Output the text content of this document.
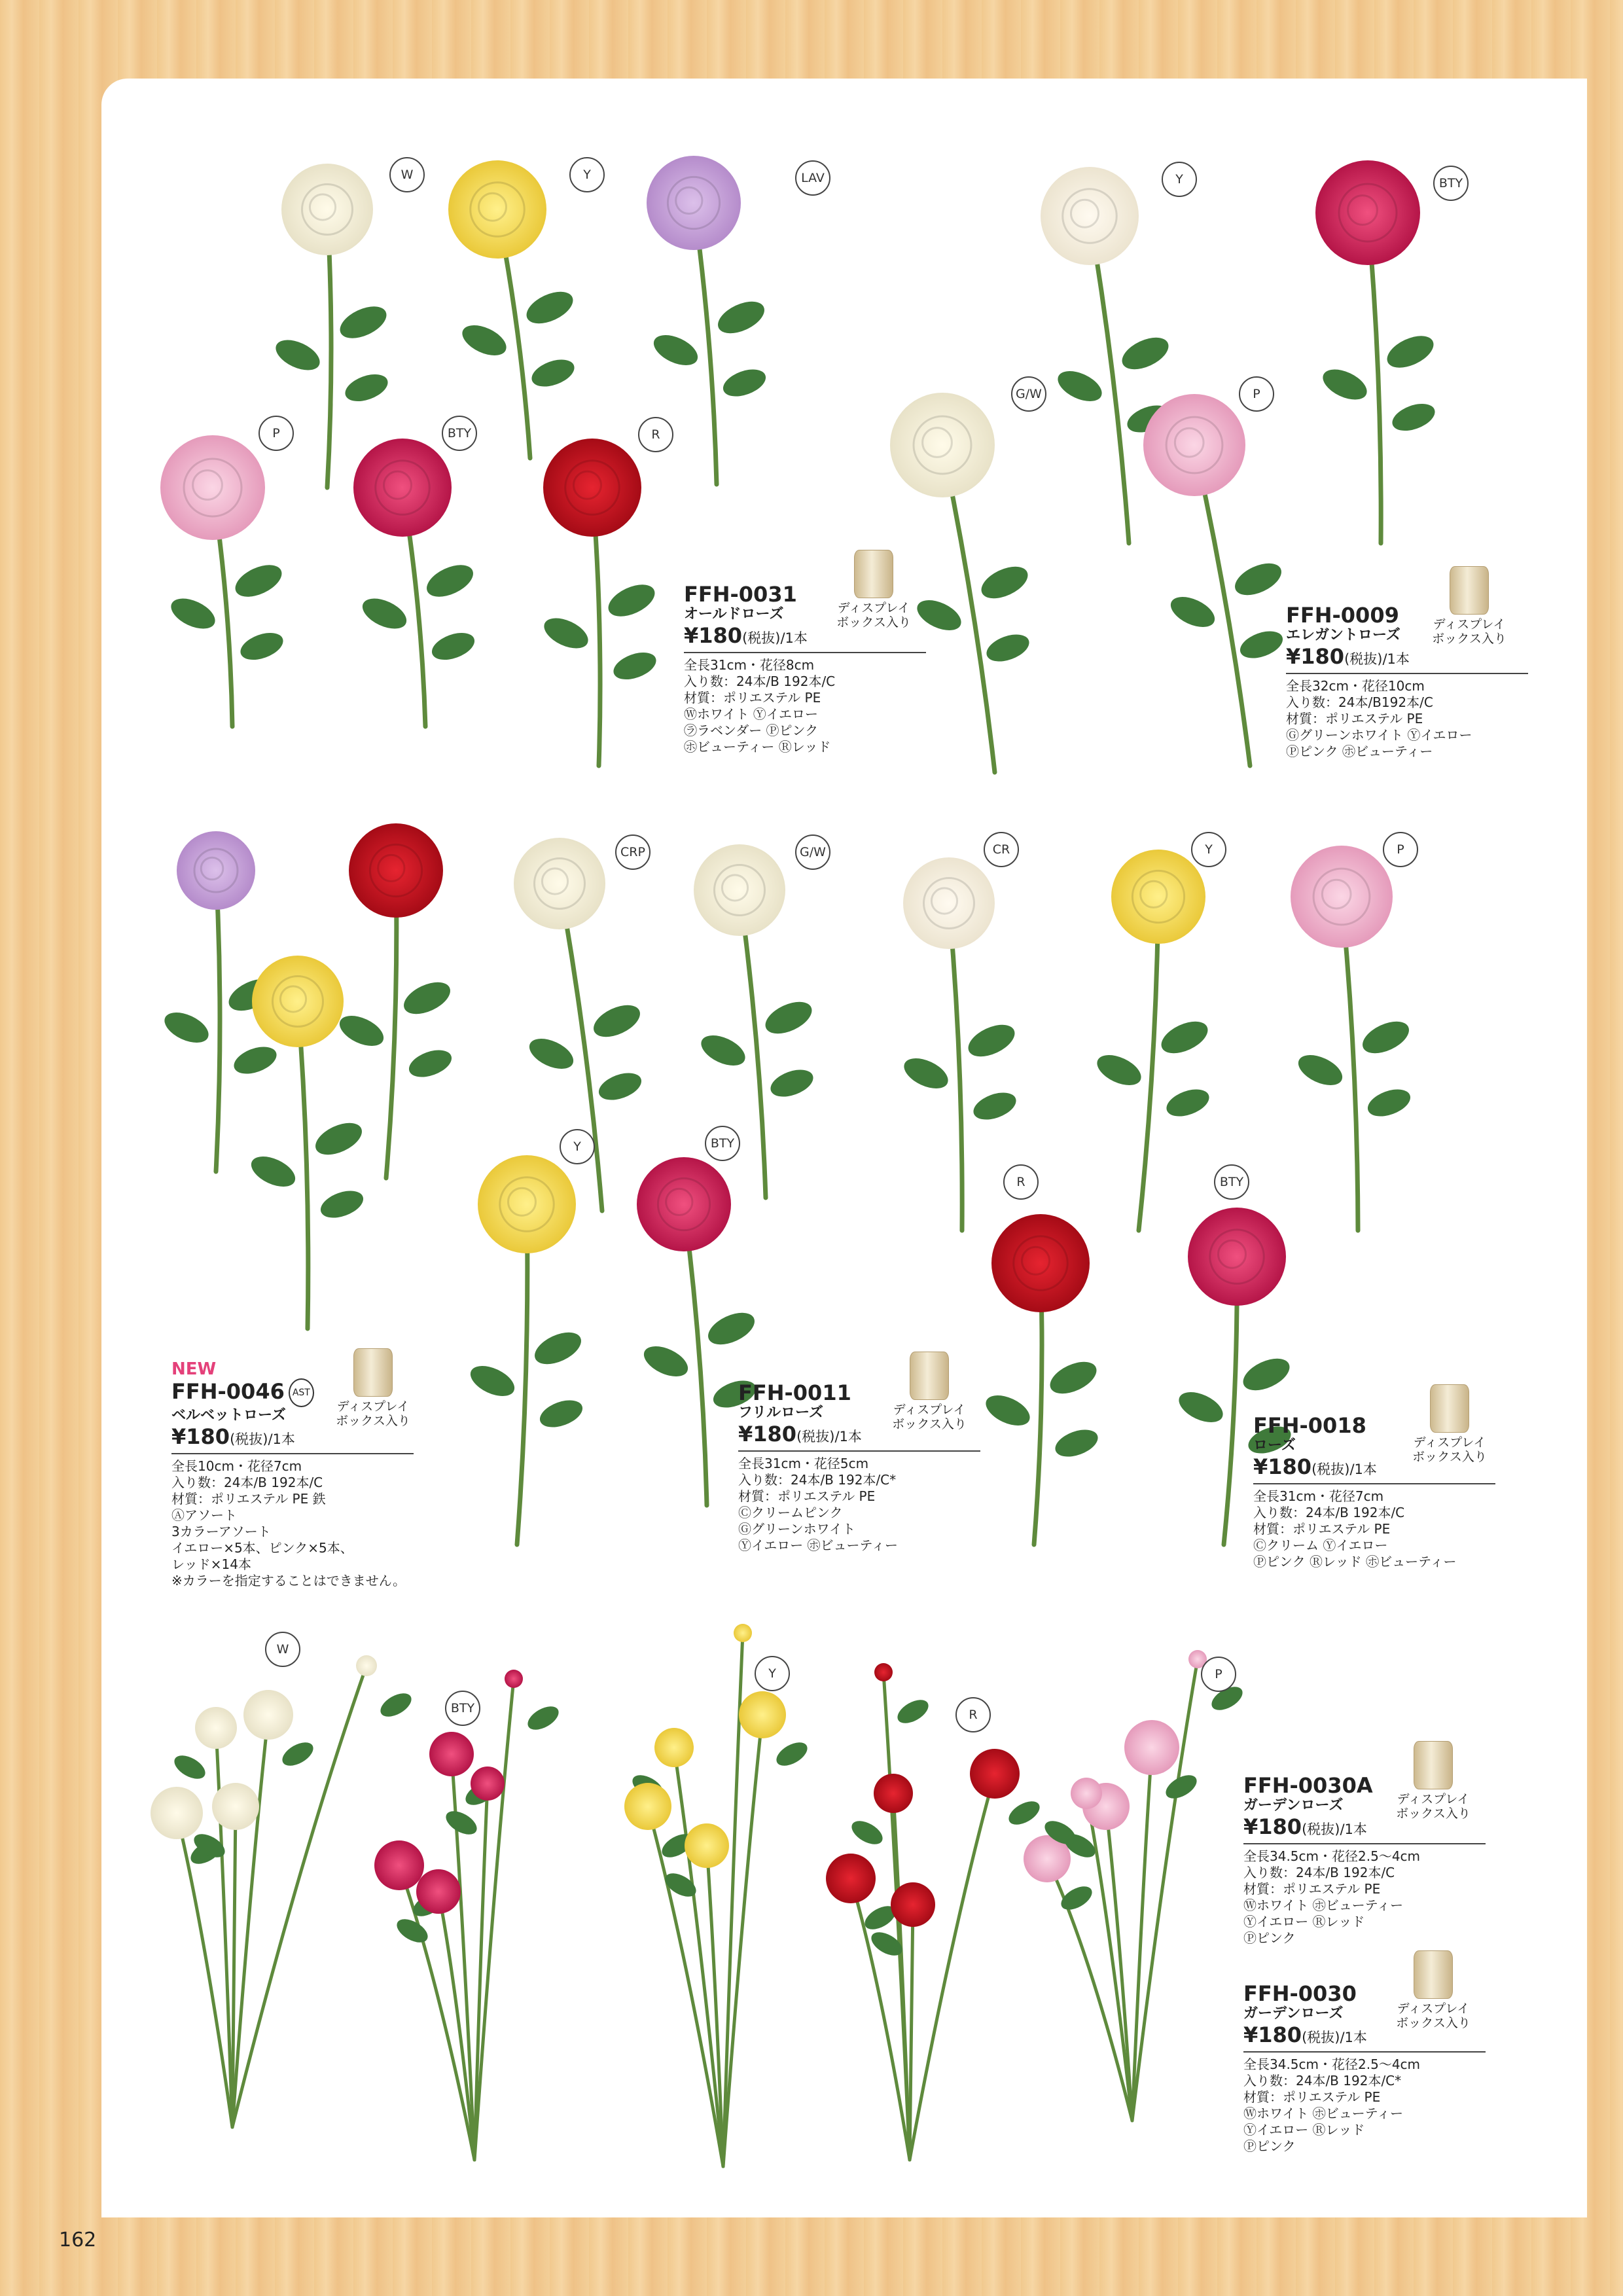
W	Y	LAV
P	BTY	R
Y	BTY
G/W	P
CRP	G/W
Y	BTY
CR	Y	P
R	BTY
W
BTY
Y
R
P
FFH-0031
オールドローズ
¥180(税抜)/1本
全長31cm・花径8cm
入り数：24本/B 192本/C
材質：ポリエステル PE
Ⓦホワイト Ⓨイエロー
㋶ラベンダー Ⓟピンク
㋭ビューティー Ⓡレッド
ディスプレイ
ボックス入り	FFH-0009
エレガントローズ
¥180(税抜)/1本
全長32cm・花径10cm
入り数：24本/B192本/C
材質：ポリエステル PE
Ⓖグリーンホワイト Ⓨイエロー
Ⓟピンク ㋭ビューティー
ディスプレイ
ボックス入り
NEW
FFH-0046 AST
ベルベットローズ
¥180(税抜)/1本
全長10cm・花径7cm
入り数：24本/B 192本/C
材質：ポリエステル PE 鉄
Ⓐアソート
3カラーアソート
イエロー×5本、ピンク×5本、
レッド×14本
※カラーを指定することはできません。
ディスプレイ
ボックス入り
FFH-0011
フリルローズ
¥180(税抜)/1本
全長31cm・花径5cm
入り数：24本/B 192本/C*
材質：ポリエステル PE
Ⓒクリームピンク
Ⓖグリーンホワイト
Ⓨイエロー ㋭ビューティー
ディスプレイ
ボックス入り	FFH-0018
ローズ
¥180(税抜)/1本
全長31cm・花径7cm
入り数：24本/B 192本/C
材質：ポリエステル PE
Ⓒクリーム Ⓨイエロー
Ⓟピンク Ⓡレッド ㋭ビューティー
ディスプレイ
ボックス入り
FFH-0030A
ガーデンローズ
¥180(税抜)/1本
全長34.5cm・花径2.5〜4cm
入り数：24本/B 192本/C
材質：ポリエステル PE
Ⓦホワイト ㋭ビューティー
Ⓨイエロー Ⓡレッド
Ⓟピンク
ディスプレイ
ボックス入り
FFH-0030
ガーデンローズ
¥180(税抜)/1本
全長34.5cm・花径2.5〜4cm
入り数：24本/B 192本/C*
材質：ポリエステル PE
Ⓦホワイト ㋭ビューティー
Ⓨイエロー Ⓡレッド
Ⓟピンク
ディスプレイ
ボックス入り
162
